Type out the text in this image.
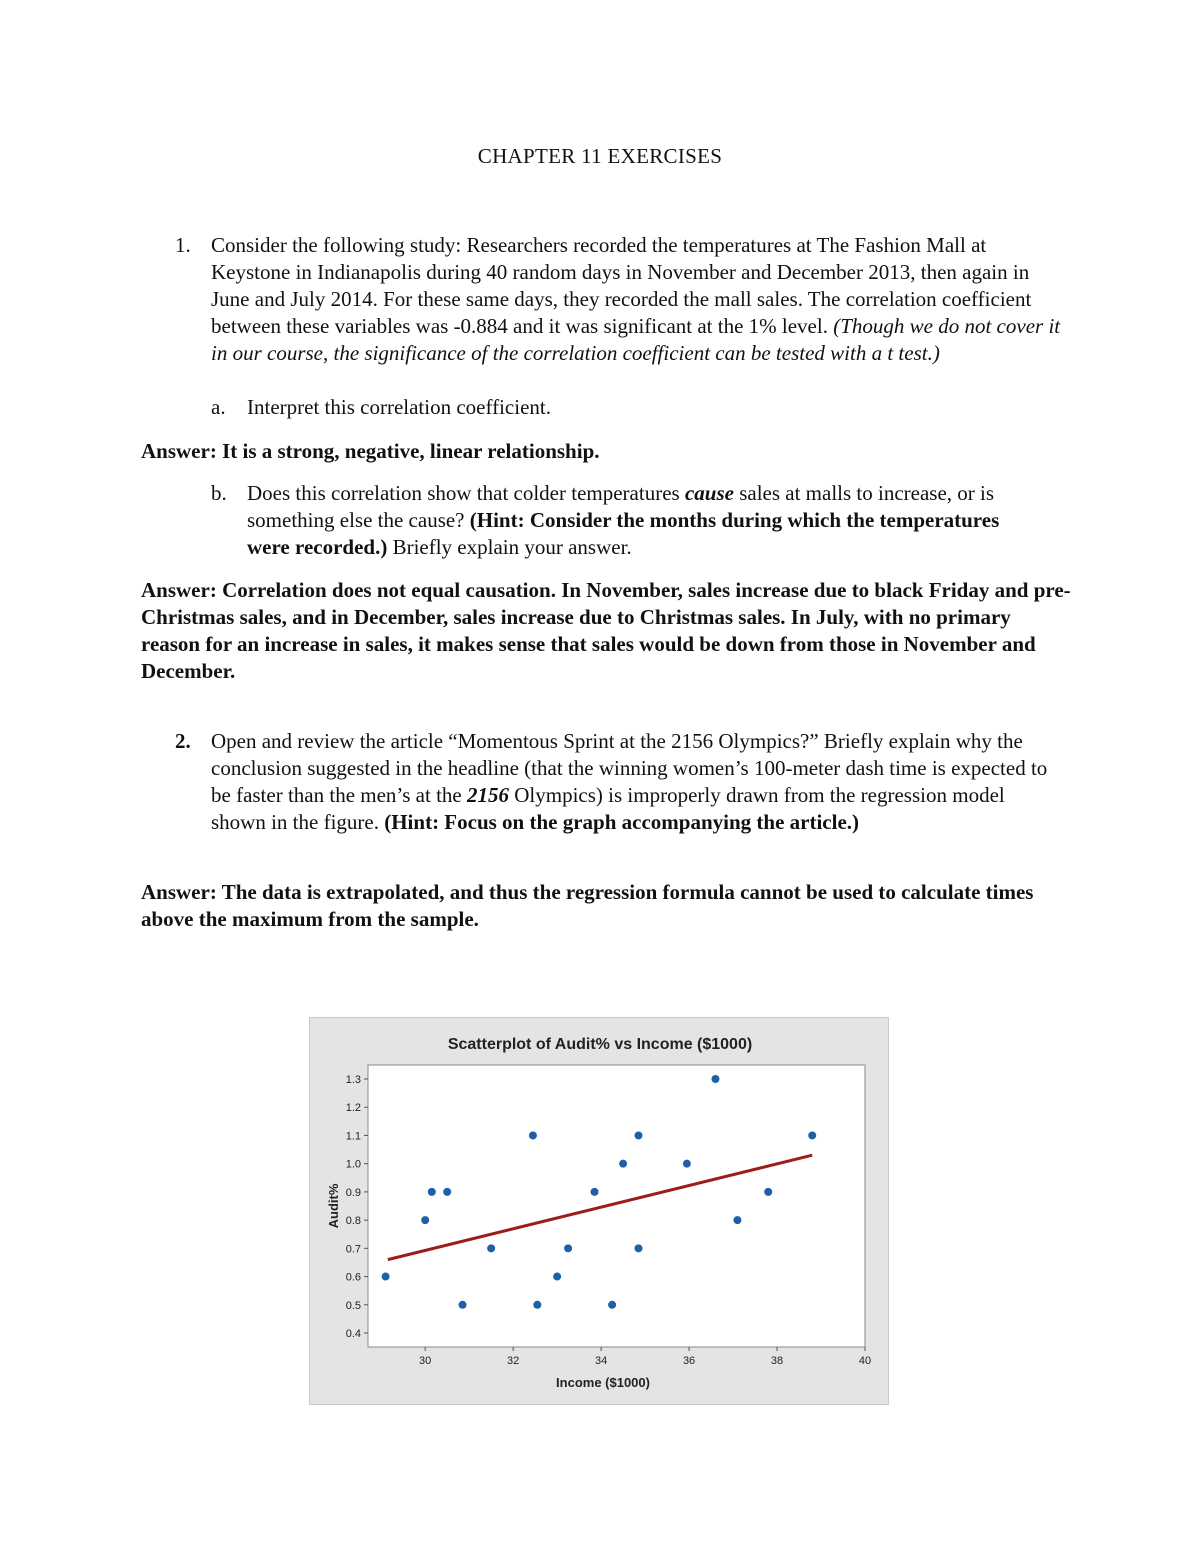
CHAPTER 11 EXERCISES
1. Consider the following study: Researchers recorded the temperatures at The Fashion Mall at Keystone in Indianapolis during 40 random days in November and December 2013, then again in June and July 2014. For these same days, they recorded the mall sales. The correlation coefficient between these variables was -0.884 and it was significant at the 1% level. (Though we do not cover it in our course, the significance of the correlation coefficient can be tested with a t test.)
a. Interpret this correlation coefficient.
Answer: It is a strong, negative, linear relationship.
b. Does this correlation show that colder temperatures cause sales at malls to increase, or is something else the cause? (Hint: Consider the months during which the temperatures were recorded.) Briefly explain your answer.
Answer: Correlation does not equal causation. In November, sales increase due to black Friday and pre-Christmas sales, and in December, sales increase due to Christmas sales. In July, with no primary reason for an increase in sales, it makes sense that sales would be down from those in November and December.
2. Open and review the article “Momentous Sprint at the 2156 Olympics?” Briefly explain why the conclusion suggested in the headline (that the winning women’s 100-meter dash time is expected to be faster than the men’s at the 2156 Olympics) is improperly drawn from the regression model shown in the figure. (Hint: Focus on the graph accompanying the article.)
Answer: The data is extrapolated, and thus the regression formula cannot be used to calculate times above the maximum from the sample.
Scatterplot of Audit% vs Income ($1000)
1.3
1.2
1.1
1.0
0.9
0.8
0.7
0.6
0.5
0.4
30	32	34	36	38	40
Income ($1000)
Audit%
